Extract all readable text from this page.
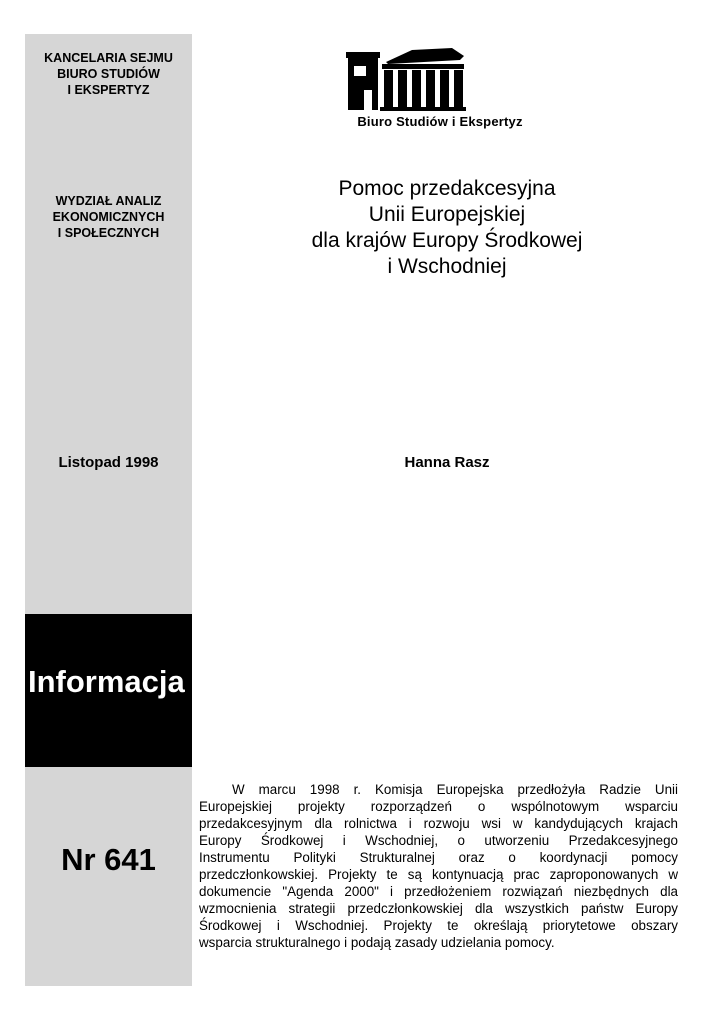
KANCELARIA SEJMU
BIURO STUDIÓW
I EKSPERTYZ
WYDZIAŁ ANALIZ
EKONOMICZNYCH
I SPOŁECZNYCH
Listopad 1998
Informacja
Nr 641
Biuro Studiów i Ekspertyz
Pomoc przedakcesyjna
Unii Europejskiej
dla krajów Europy Środkowej
i Wschodniej
Hanna Rasz
W marcu 1998 r. Komisja Europejska przedłożyła Radzie Unii
Europejskiej projekty rozporządzeń o wspólnotowym wsparciu
przedakcesyjnym dla rolnictwa i rozwoju wsi w kandydujących krajach
Europy Środkowej i Wschodniej, o utworzeniu Przedakcesyjnego
Instrumentu Polityki Strukturalnej oraz o koordynacji pomocy
przedczłonkowskiej. Projekty te są kontynuacją prac zaproponowanych w
dokumencie "Agenda 2000" i przedłożeniem rozwiązań niezbędnych dla
wzmocnienia strategii przedczłonkowskiej dla wszystkich państw Europy
Środkowej i Wschodniej. Projekty te określają priorytetowe obszary
wsparcia strukturalnego i podają zasady udzielania pomocy.
